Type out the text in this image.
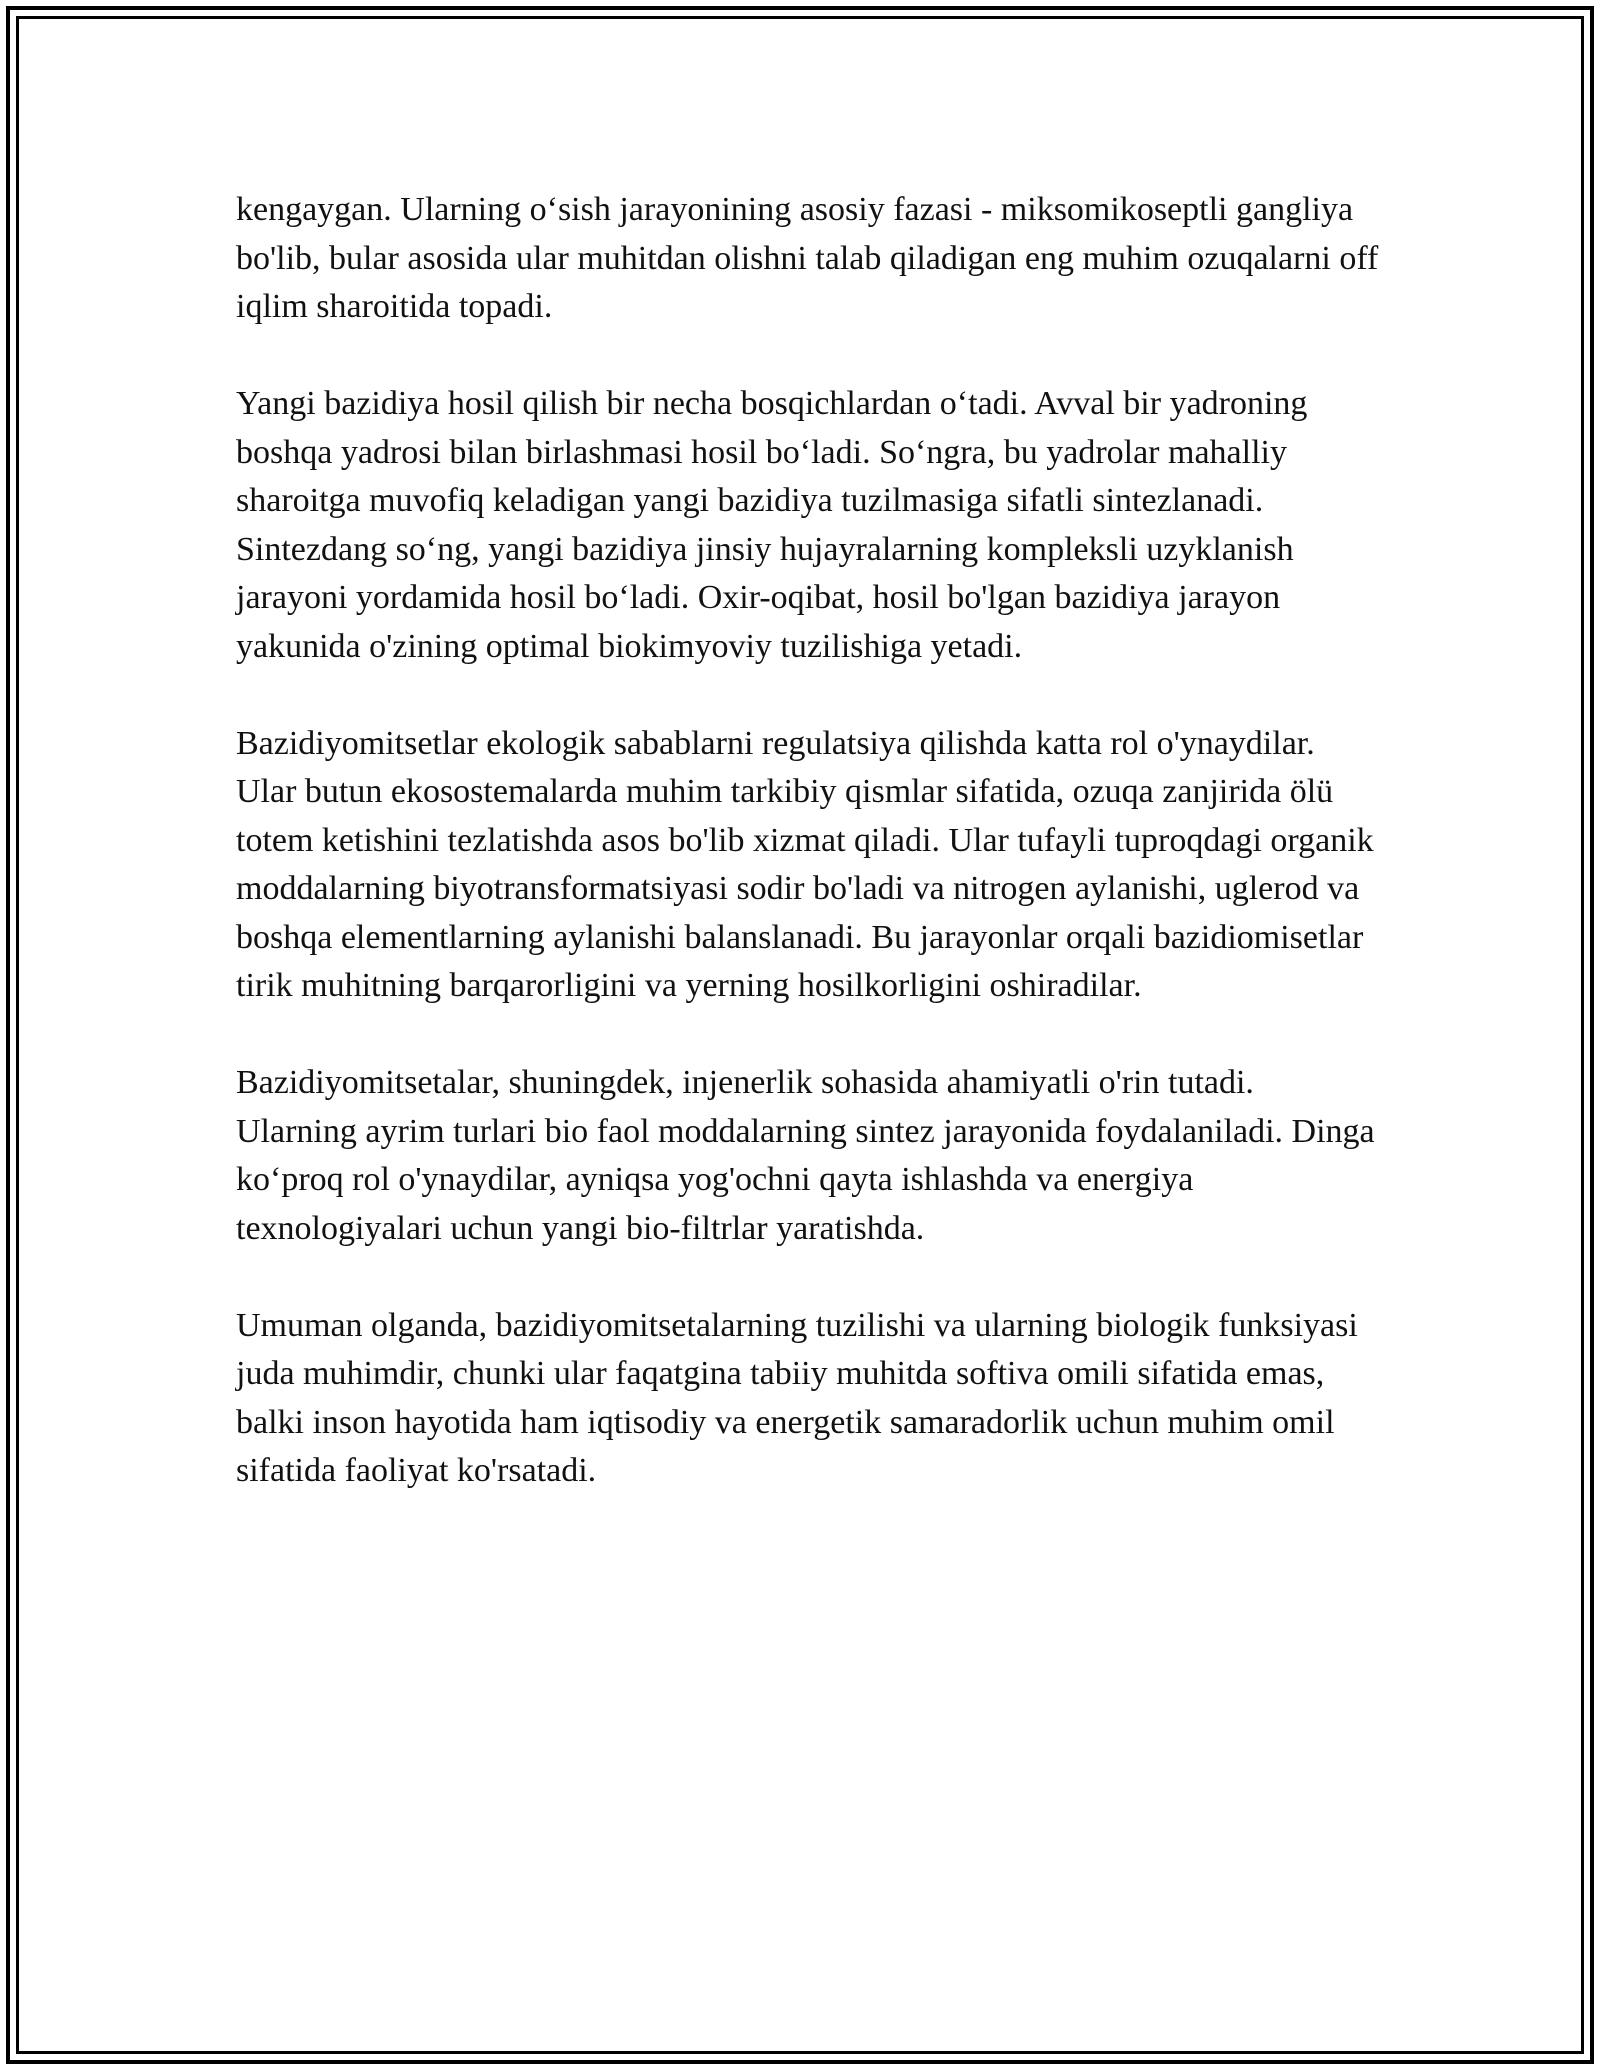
kengaygan. Ularning o‘sish jarayonining asosiy fazasi - miksomikoseptli gangliya bo'lib, bular asosida ular muhitdan olishni talab qiladigan eng muhim ozuqalarni off iqlim sharoitida topadi.

Yangi bazidiya hosil qilish bir necha bosqichlardan o‘tadi. Avval bir yadroning boshqa yadrosi bilan birlashmasi hosil bo‘ladi. So‘ngra, bu yadrolar mahalliy sharoitga muvofiq keladigan yangi bazidiya tuzilmasiga sifatli sintezlanadi. Sintezdang so‘ng, yangi bazidiya jinsiy hujayralarning kompleksli uzyklanish jarayoni yordamida hosil bo‘ladi. Oxir-oqibat, hosil bo'lgan bazidiya jarayon yakunida o'zining optimal biokimyoviy tuzilishiga yetadi.

Bazidiyomitsetlar ekologik sabablarni regulatsiya qilishda katta rol o'ynaydilar. Ular butun ekosostemalarda muhim tarkibiy qismlar sifatida, ozuqa zanjirida ölü totem ketishini tezlatishda asos bo'lib xizmat qiladi. Ular tufayli tuproqdagi organik moddalarning biyotransformatsiyasi sodir bo'ladi va nitrogen aylanishi, uglerod va boshqa elementlarning aylanishi balanslanadi. Bu jarayonlar orqali bazidiomisetlar tirik muhitning barqarorligini va yerning hosilkorligini oshiradilar.

Bazidiyomitsetalar, shuningdek, injenerlik sohasida ahamiyatli o'rin tutadi. Ularning ayrim turlari bio faol moddalarning sintez jarayonida foydalaniladi. Dinga ko‘proq rol o'ynaydilar, ayniqsa yog'ochni qayta ishlashda va energiya texnologiyalari uchun yangi bio-filtrlar yaratishda.

Umuman olganda, bazidiyomitsetalarning tuzilishi va ularning biologik funksiyasi juda muhimdir, chunki ular faqatgina tabiiy muhitda softiva omili sifatida emas, balki inson hayotida ham iqtisodiy va energetik samaradorlik uchun muhim omil sifatida faoliyat ko'rsatadi.
